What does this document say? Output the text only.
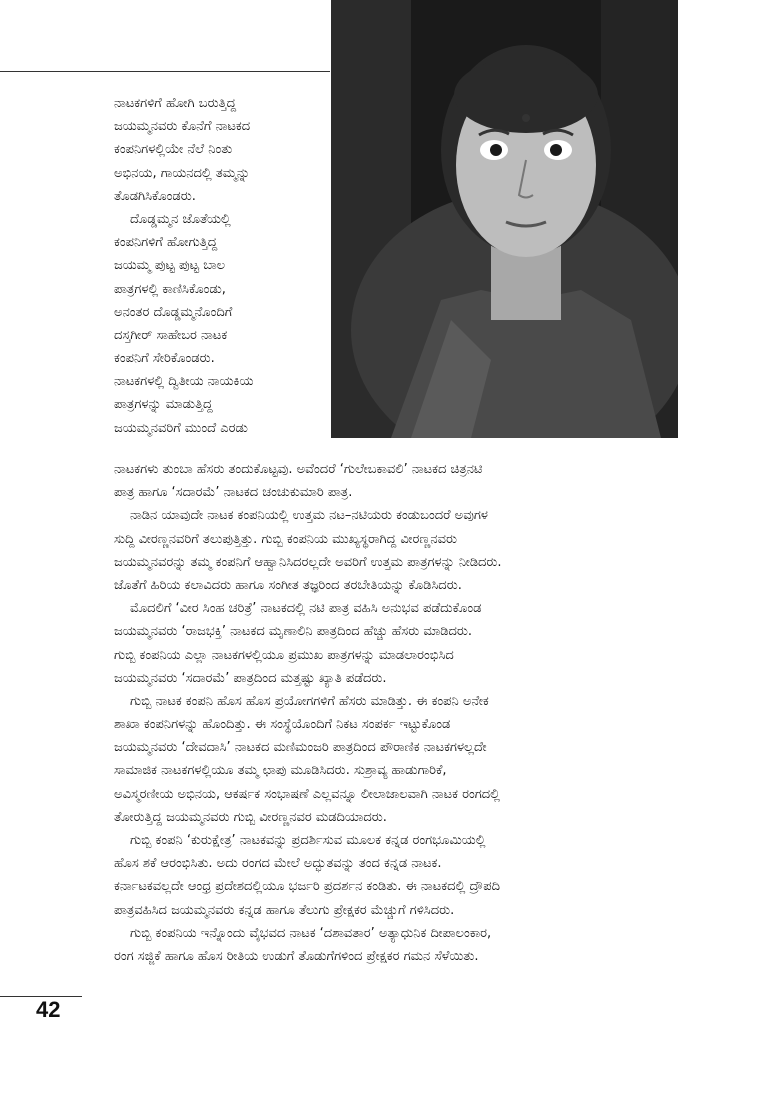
ನಾಟಕಗಳಿಗೆ ಹೋಗಿ ಬರುತ್ತಿದ್ದ
ಜಯಮ್ಮನವರು ಕೊನೆಗೆ ನಾಟಕದ
ಕಂಪನಿಗಳಲ್ಲಿಯೇ ನೆಲೆ ನಿಂತು
ಅಭಿನಯ, ಗಾಯನದಲ್ಲಿ ತಮ್ಮನ್ನು
ತೊಡಗಿಸಿಕೊಂಡರು.
ದೊಡ್ಡಮ್ಮನ ಜೊತೆಯಲ್ಲಿ
ಕಂಪನಿಗಳಿಗೆ ಹೋಗುತ್ತಿದ್ದ
ಜಯಮ್ಮ ಪುಟ್ಟ ಪುಟ್ಟ ಬಾಲ
ಪಾತ್ರಗಳಲ್ಲಿ ಕಾಣಿಸಿಕೊಂಡು,
ಅನಂತರ ದೊಡ್ಡಮ್ಮನೊಂದಿಗೆ
ದಸ್ತಗೀರ್ ಸಾಹೇಬರ ನಾಟಕ
ಕಂಪನಿಗೆ ಸೇರಿಕೊಂಡರು.
ನಾಟಕಗಳಲ್ಲಿ ದ್ವಿತೀಯ ನಾಯಕಿಯ
ಪಾತ್ರಗಳನ್ನು ಮಾಡುತ್ತಿದ್ದ
ಜಯಮ್ಮನವರಿಗೆ ಮುಂದೆ ಎರಡು
ನಾಟಕಗಳು ತುಂಬಾ ಹೆಸರು ತಂದುಕೊಟ್ಟವು. ಅವೆಂದರೆ ‘ಗುಲೇಬಕಾವಲಿ’ ನಾಟಕದ ಚಿತ್ರನಟಿ
ಪಾತ್ರ ಹಾಗೂ ‘ಸದಾರಮೆ’ ನಾಟಕದ ಚಂಚುಕುಮಾರಿ ಪಾತ್ರ.
ನಾಡಿನ ಯಾವುದೇ ನಾಟಕ ಕಂಪನಿಯಲ್ಲಿ ಉತ್ತಮ ನಟ–ನಟಿಯರು ಕಂಡುಬಂದರೆ ಅವುಗಳ
ಸುದ್ದಿ ವೀರಣ್ಣನವರಿಗೆ ತಲುಪುತ್ತಿತ್ತು. ಗುಬ್ಬಿ ಕಂಪನಿಯ ಮುಖ್ಯಸ್ಥರಾಗಿದ್ದ ವೀರಣ್ಣನವರು
ಜಯಮ್ಮನವರನ್ನು ತಮ್ಮ ಕಂಪನಿಗೆ ಆಹ್ವಾನಿಸಿದರಲ್ಲದೇ ಅವರಿಗೆ ಉತ್ತಮ ಪಾತ್ರಗಳನ್ನು ನೀಡಿದರು.
ಜೊತೆಗೆ ಹಿರಿಯ ಕಲಾವಿದರು ಹಾಗೂ ಸಂಗೀತ ತಜ್ಞರಿಂದ ತರಬೇತಿಯನ್ನು ಕೊಡಿಸಿದರು.
ಮೊದಲಿಗೆ ‘ವೀರ ಸಿಂಹ ಚರಿತ್ರೆ’ ನಾಟಕದಲ್ಲಿ ನಟಿ ಪಾತ್ರ ವಹಿಸಿ ಅನುಭವ ಪಡೆದುಕೊಂಡ
ಜಯಮ್ಮನವರು ‘ರಾಜಭಕ್ತಿ’ ನಾಟಕದ ಮೃಣಾಲಿನಿ ಪಾತ್ರದಿಂದ ಹೆಚ್ಚು ಹೆಸರು ಮಾಡಿದರು.
ಗುಬ್ಬಿ ಕಂಪನಿಯ ಎಲ್ಲಾ ನಾಟಕಗಳಲ್ಲಿಯೂ ಪ್ರಮುಖ ಪಾತ್ರಗಳನ್ನು ಮಾಡಲಾರಂಭಿಸಿದ
ಜಯಮ್ಮನವರು ‘ಸದಾರಮೆ’ ಪಾತ್ರದಿಂದ ಮತ್ತಷ್ಟು ಖ್ಯಾತಿ ಪಡೆದರು.
ಗುಬ್ಬಿ ನಾಟಕ ಕಂಪನಿ ಹೊಸ ಹೊಸ ಪ್ರಯೋಗಗಳಿಗೆ ಹೆಸರು ಮಾಡಿತ್ತು. ಈ ಕಂಪನಿ ಅನೇಕ
ಶಾಖಾ ಕಂಪನಿಗಳನ್ನು ಹೊಂದಿತ್ತು. ಈ ಸಂಸ್ಥೆಯೊಂದಿಗೆ ನಿಕಟ ಸಂಪರ್ಕ ಇಟ್ಟುಕೊಂಡ
ಜಯಮ್ಮನವರು ‘ದೇವದಾಸಿ’ ನಾಟಕದ ಮಣಿಮಂಜರಿ ಪಾತ್ರದಿಂದ ಪೌರಾಣಿಕ ನಾಟಕಗಳಲ್ಲದೇ
ಸಾಮಾಜಿಕ ನಾಟಕಗಳಲ್ಲಿಯೂ ತಮ್ಮ ಛಾಪು ಮೂಡಿಸಿದರು. ಸುಶ್ರಾವ್ಯ ಹಾಡುಗಾರಿಕೆ,
ಅವಿಸ್ಮರಣೀಯ ಅಭಿನಯ, ಆಕರ್ಷಕ ಸಂಭಾಷಣೆ ಎಲ್ಲವನ್ನೂ ಲೀಲಾಜಾಲವಾಗಿ ನಾಟಕ ರಂಗದಲ್ಲಿ
ತೋರುತ್ತಿದ್ದ ಜಯಮ್ಮನವರು ಗುಬ್ಬಿ ವೀರಣ್ಣನವರ ಮಡದಿಯಾದರು.
ಗುಬ್ಬಿ ಕಂಪನಿ ‘ಕುರುಕ್ಷೇತ್ರ’ ನಾಟಕವನ್ನು ಪ್ರದರ್ಶಿಸುವ ಮೂಲಕ ಕನ್ನಡ ರಂಗಭೂಮಿಯಲ್ಲಿ
ಹೊಸ ಶಕೆ ಆರಂಭಿಸಿತು. ಅದು ರಂಗದ ಮೇಲೆ ಅದ್ಭುತವನ್ನು ತಂದ ಕನ್ನಡ ನಾಟಕ.
ಕರ್ನಾಟಕವಲ್ಲದೇ ಆಂಧ್ರ ಪ್ರದೇಶದಲ್ಲಿಯೂ ಭರ್ಜರಿ ಪ್ರದರ್ಶನ ಕಂಡಿತು. ಈ ನಾಟಕದಲ್ಲಿ ದ್ರೌಪದಿ
ಪಾತ್ರವಹಿಸಿದ ಜಯಮ್ಮನವರು ಕನ್ನಡ ಹಾಗೂ ತೆಲುಗು ಪ್ರೇಕ್ಷಕರ ಮೆಚ್ಚುಗೆ ಗಳಿಸಿದರು.
ಗುಬ್ಬಿ ಕಂಪನಿಯ ಇನ್ನೊಂದು ವೈಭವದ ನಾಟಕ ‘ದಶಾವತಾರ’ ಅತ್ಯಾಧುನಿಕ ದೀಪಾಲಂಕಾರ,
ರಂಗ ಸಜ್ಜಿಕೆ ಹಾಗೂ ಹೊಸ ರೀತಿಯ ಉಡುಗೆ ತೊಡುಗೆಗಳಿಂದ ಪ್ರೇಕ್ಷಕರ ಗಮನ ಸೆಳೆಯಿತು.
42
